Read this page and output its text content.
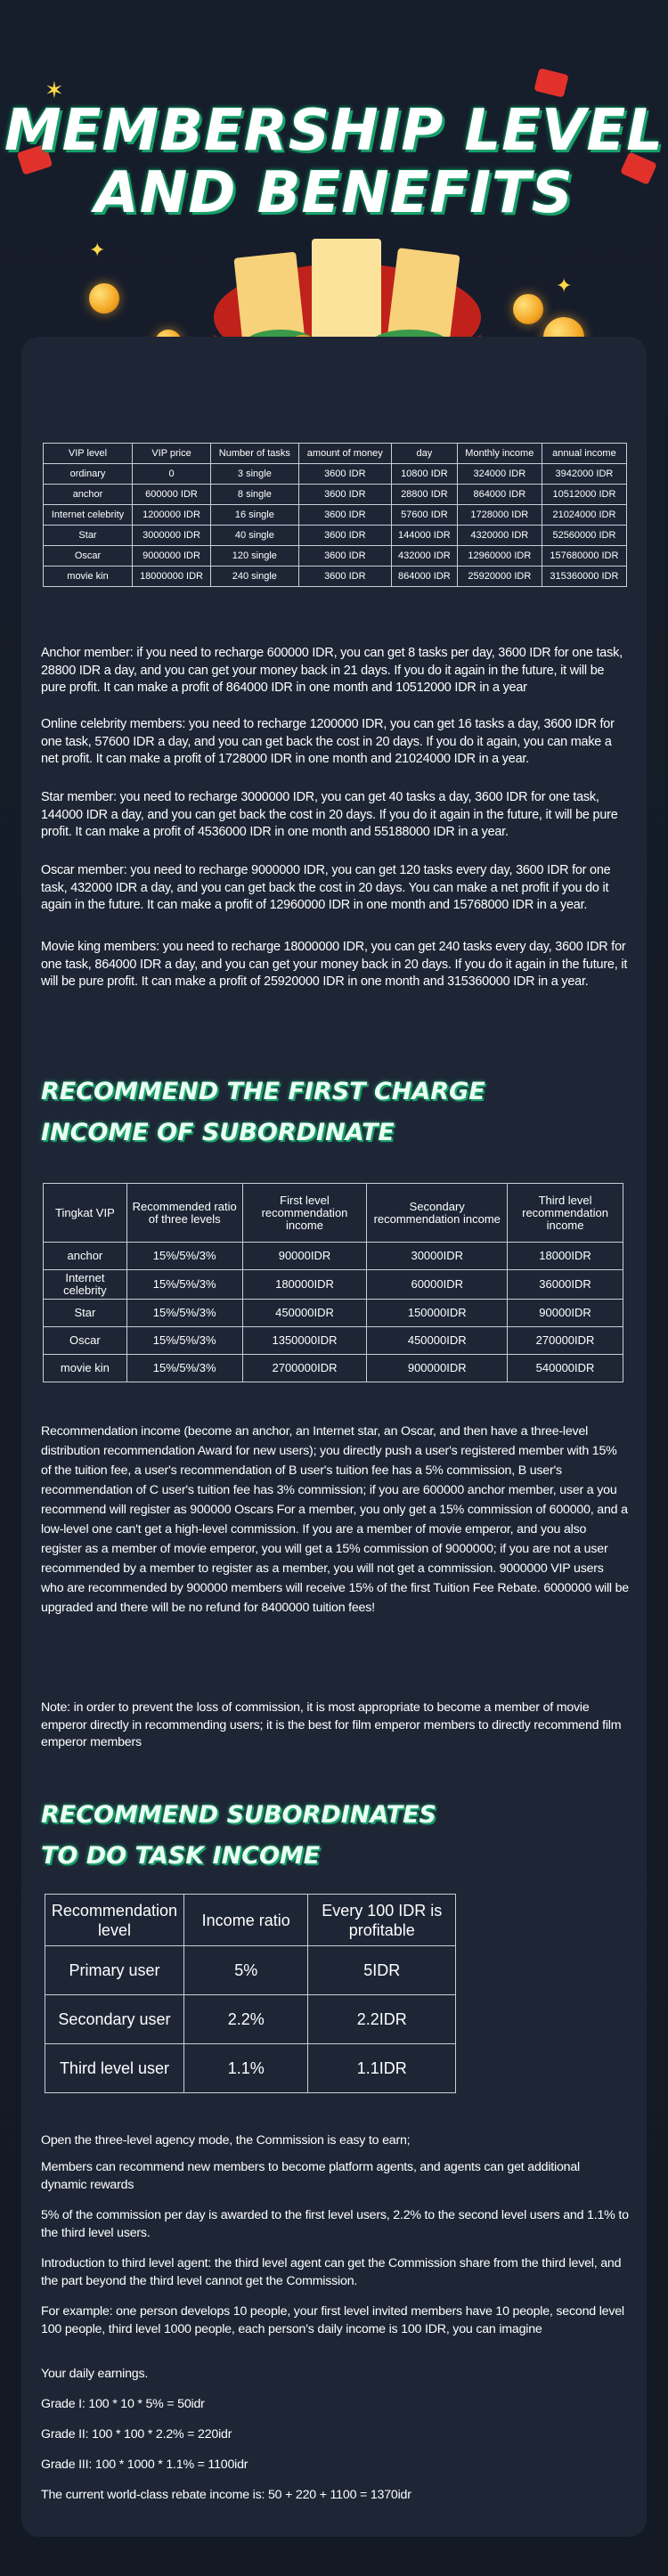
✦
✶
✦
MEMBERSHIP LEVEL
AND BENEFITS
VIP level	VIP price	Number of tasks	amount of money	day	Monthly income	annual income
ordinary	0	3 single	3600 IDR	10800 IDR	324000 IDR	3942000 IDR
anchor	600000 IDR	8 single	3600 IDR	28800 IDR	864000 IDR	10512000 IDR
Internet celebrity	1200000 IDR	16 single	3600 IDR	57600 IDR	1728000 IDR	21024000 IDR
Star	3000000 IDR	40 single	3600 IDR	144000 IDR	4320000 IDR	52560000 IDR
Oscar	9000000 IDR	120 single	3600 IDR	432000 IDR	12960000 IDR	157680000 IDR
movie kin	18000000 IDR	240 single	3600 IDR	864000 IDR	25920000 IDR	315360000 IDR

Anchor member: if you need to recharge 600000 IDR, you can get 8 tasks per day, 3600 IDR for one task, 28800 IDR a day, and you can get your money back in 21 days. If you do it again in the future, it will be pure profit. It can make a profit of 864000 IDR in one month and 10512000 IDR in a year

Online celebrity members: you need to recharge 1200000 IDR, you can get 16 tasks a day, 3600 IDR for one task, 57600 IDR a day, and you can get back the cost in 20 days. If you do it again, you can make a net profit. It can make a profit of 1728000 IDR in one month and 21024000 IDR in a year.

Star member: you need to recharge 3000000 IDR, you can get 40 tasks a day, 3600 IDR for one task, 144000 IDR a day, and you can get back the cost in 20 days. If you do it again in the future, it will be pure profit. It can make a profit of 4536000 IDR in one month and 55188000 IDR in a year.

Oscar member: you need to recharge 9000000 IDR, you can get 120 tasks every day, 3600 IDR for one task, 432000 IDR a day, and you can get back the cost in 20 days. You can make a net profit if you do it again in the future. It can make a profit of 12960000 IDR in one month and 15768000 IDR in a year.

Movie king members: you need to recharge 18000000 IDR, you can get 240 tasks every day, 3600 IDR for one task, 864000 IDR a day, and you can get your money back in 20 days. If you do it again in the future, it will be pure profit. It can make a profit of 25920000 IDR in one month and 315360000 IDR in a year.

RECOMMEND THE FIRST CHARGE
INCOME OF SUBORDINATE
Tingkat VIP	Recommended ratio of three levels	First level recommendation income	Secondary recommendation income	Third level recommendation income
anchor	15%/5%/3%	90000IDR	30000IDR	18000IDR
Internet celebrity	15%/5%/3%	180000IDR	60000IDR	36000IDR
Star	15%/5%/3%	450000IDR	150000IDR	90000IDR
Oscar	15%/5%/3%	1350000IDR	450000IDR	270000IDR
movie kin	15%/5%/3%	2700000IDR	900000IDR	540000IDR

Recommendation income (become an anchor, an Internet star, an Oscar, and then have a three-level distribution recommendation Award for new users); you directly push a user's registered member with 15% of the tuition fee, a user's recommendation of B user's tuition fee has a 5% commission, B user's recommendation of C user's tuition fee has 3% commission; if you are 600000 anchor member, user a you recommend will register as 900000 Oscars For a member, you only get a 15% commission of 600000, and a low-level one can't get a high-level commission. If you are a member of movie emperor, and you also register as a member of movie emperor, you will get a 15% commission of 9000000; if you are not a user recommended by a member to register as a member, you will not get a commission. 9000000 VIP users who are recommended by 900000 members will receive 15% of the first Tuition Fee Rebate. 6000000 will be upgraded and there will be no refund for 8400000 tuition fees!

Note: in order to prevent the loss of commission, it is most appropriate to become a member of movie emperor directly in recommending users; it is the best for film emperor members to directly recommend film emperor members

RECOMMEND SUBORDINATES
TO DO TASK INCOME
Recommendation level	Income ratio	Every 100 IDR is profitable
Primary user	5%	5IDR
Secondary user	2.2%	2.2IDR
Third level user	1.1%	1.1IDR

Open the three-level agency mode, the Commission is easy to earn;

Members can recommend new members to become platform agents, and agents can get additional dynamic rewards

5% of the commission per day is awarded to the first level users, 2.2% to the second level users and 1.1% to the third level users.

Introduction to third level agent: the third level agent can get the Commission share from the third level, and the part beyond the third level cannot get the Commission.

For example: one person develops 10 people, your first level invited members have 10 people, second level 100 people, third level 1000 people, each person's daily income is 100 IDR, you can imagine

Your daily earnings.

Grade I: 100 * 10 * 5% = 50idr

Grade II: 100 * 100 * 2.2% = 220idr

Grade III: 100 * 1000 * 1.1% = 1100idr

The current world-class rebate income is: 50 + 220 + 1100 = 1370idr
